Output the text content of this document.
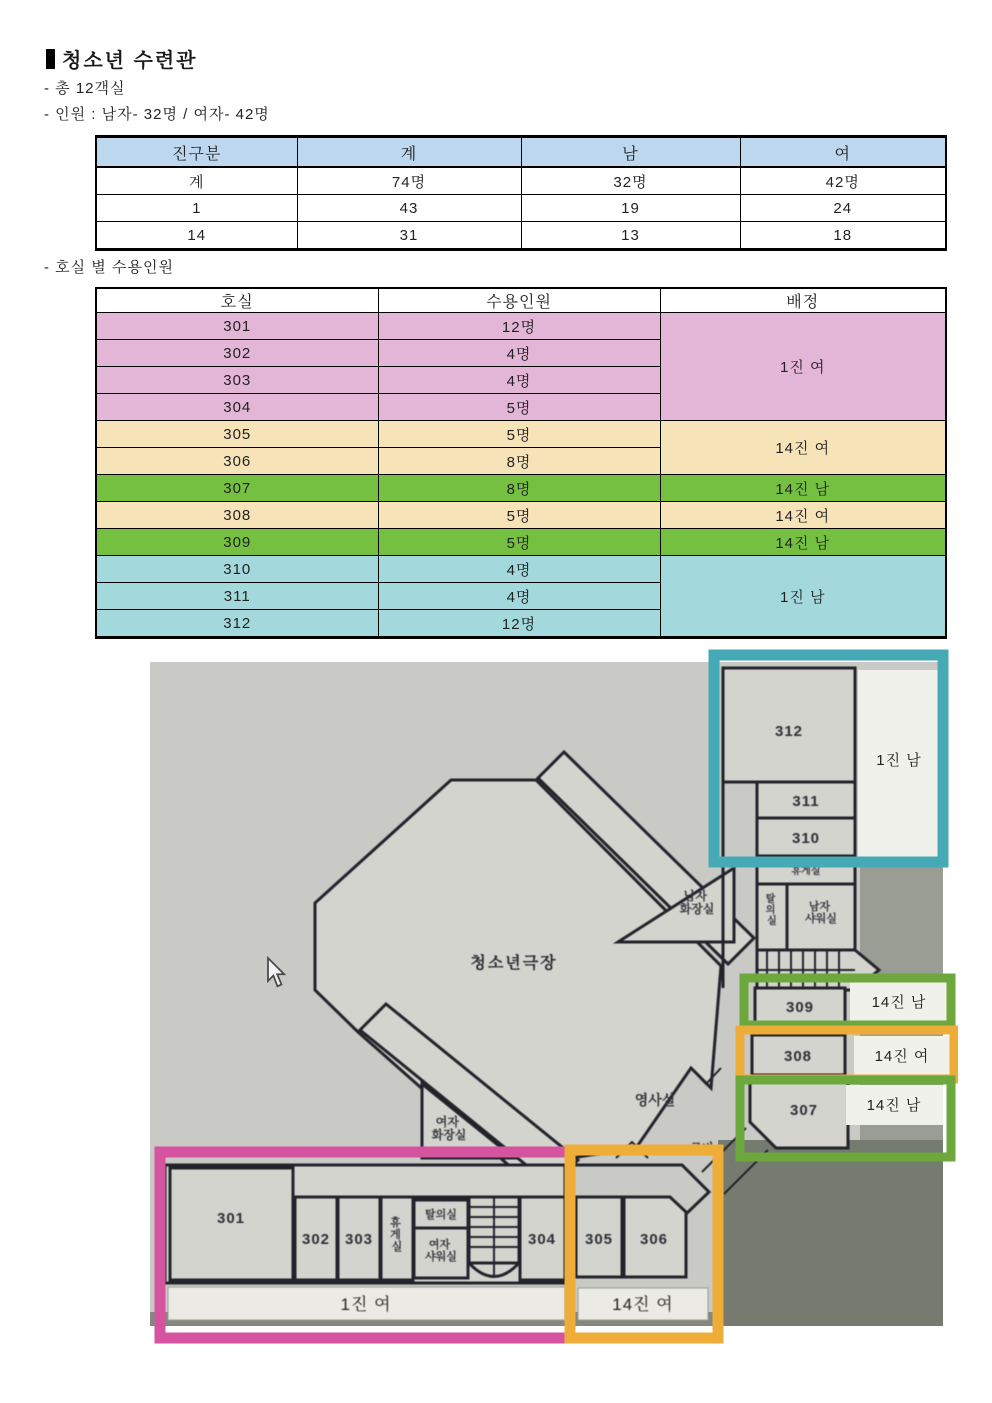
청소년 수련관
- 총 12객실
- 인원 : 남자- 32명 / 여자- 42명
진구분	계	남	여
계	74명	32명	42명
1	43	19	24
14	31	13	18
- 호실 별 수용인원
호실	수용인원	배정
301	12명	1진 여
302	4명	
303	4명	
304	5명	
305	5명	14진 여
306	8명	
307	8명	14진 남
308	5명	14진 여
309	5명	14진 남
310	4명	1진 남
311	4명	
312	12명	
청소년극장
남자 화장실
여자 화장실
영사실
로비
312
311
310
휴게실
탈 의 실
남자 샤워실
309
308
307
301
302 303
휴 게 실
탈의실
여자 샤워실
304
1진 여
305 306
14진 여
1진 남
14진 남
14진 여
14진 남
